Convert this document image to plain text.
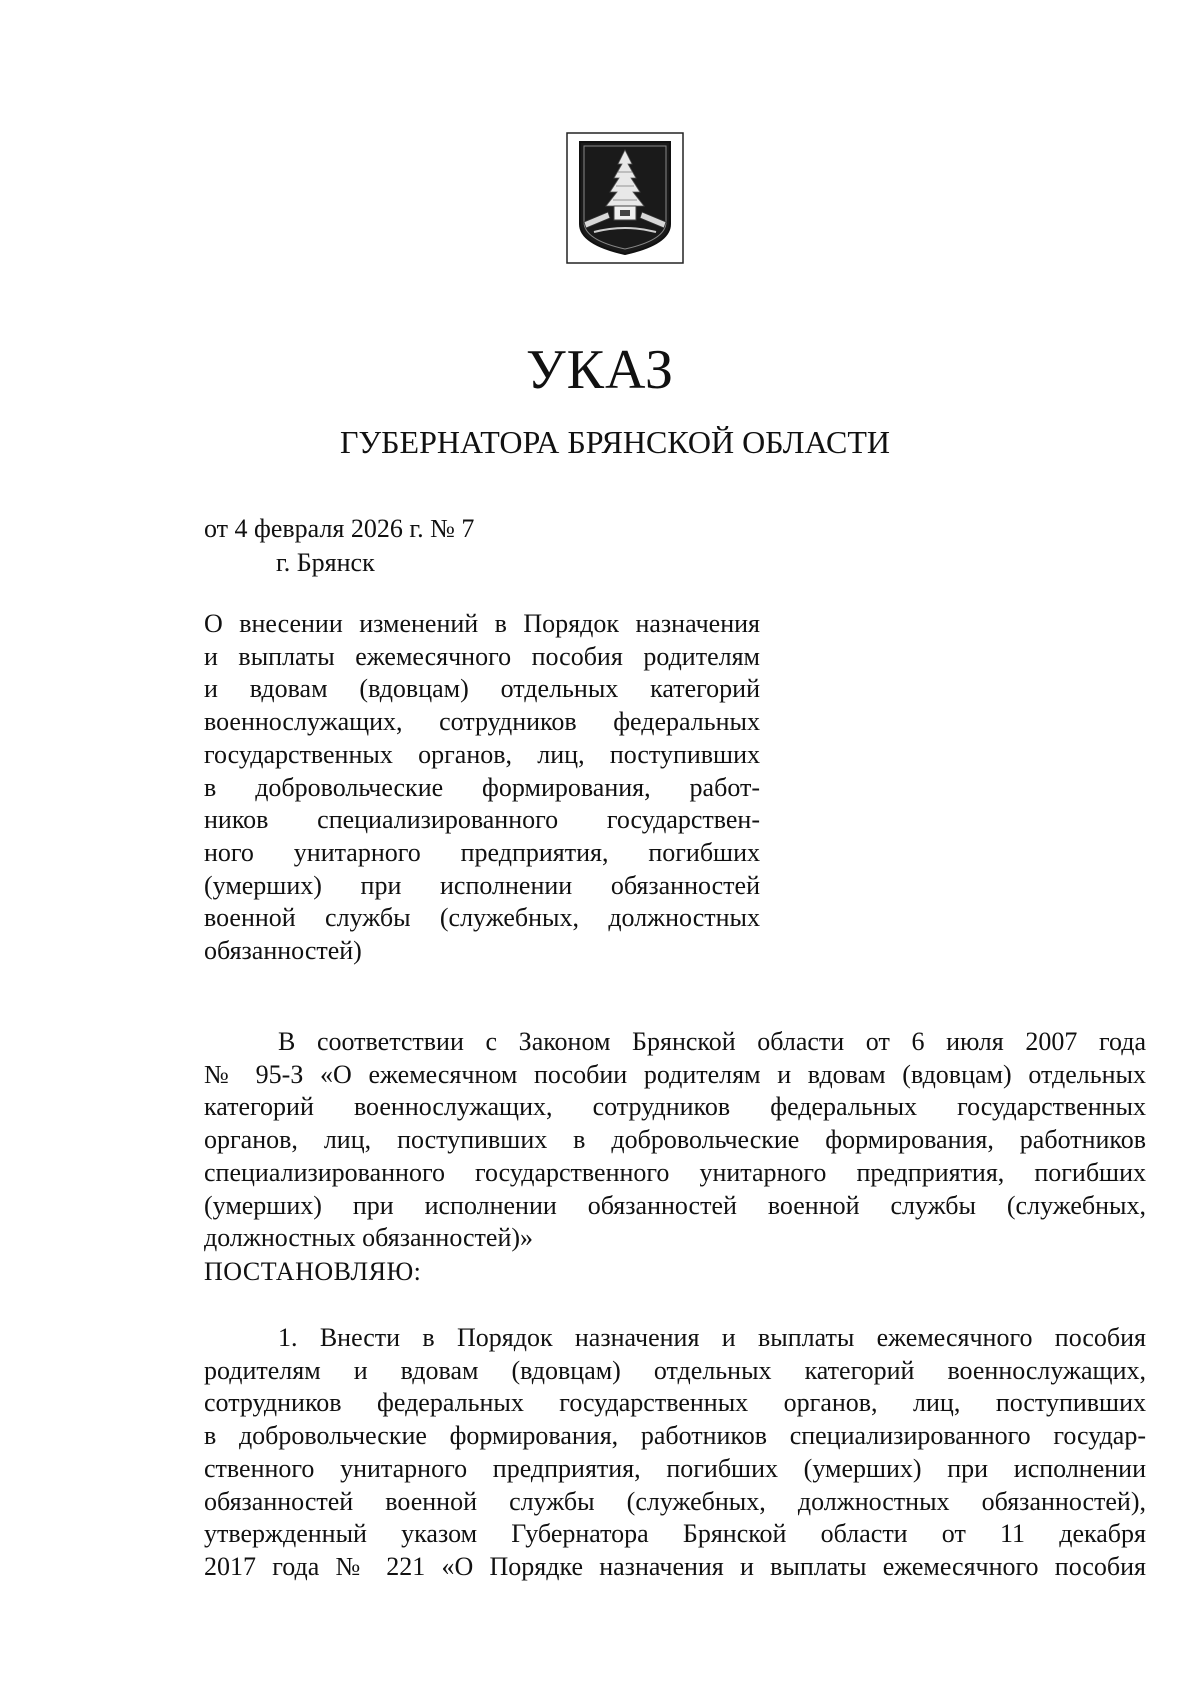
УКАЗ
ГУБЕРНАТОРА БРЯНСКОЙ ОБЛАСТИ
от 4 февраля 2026 г. № 7
г. Брянск
О внесении изменений в Порядок назначения
и выплаты ежемесячного пособия родителям
и вдовам (вдовцам) отдельных категорий
военнослужащих, сотрудников федеральных
государственных органов, лиц, поступивших
в добровольческие формирования, работ-
ников специализированного государствен-
ного унитарного предприятия, погибших
(умерших) при исполнении обязанностей
военной службы (служебных, должностных
обязанностей)
В соответствии с Законом Брянской области от 6 июля 2007 года
№ 95-З «О ежемесячном пособии родителям и вдовам (вдовцам) отдельных
категорий военнослужащих, сотрудников федеральных государственных
органов, лиц, поступивших в добровольческие формирования, работников
специализированного государственного унитарного предприятия, погибших
(умерших) при исполнении обязанностей военной службы (служебных,
должностных обязанностей)»
ПОСТАНОВЛЯЮ:
1. Внести в Порядок назначения и выплаты ежемесячного пособия
родителям и вдовам (вдовцам) отдельных категорий военнослужащих,
сотрудников федеральных государственных органов, лиц, поступивших
в добровольческие формирования, работников специализированного государ-
ственного унитарного предприятия, погибших (умерших) при исполнении
обязанностей военной службы (служебных, должностных обязанностей),
утвержденный указом Губернатора Брянской области от 11 декабря
2017 года № 221 «О Порядке назначения и выплаты ежемесячного пособия
